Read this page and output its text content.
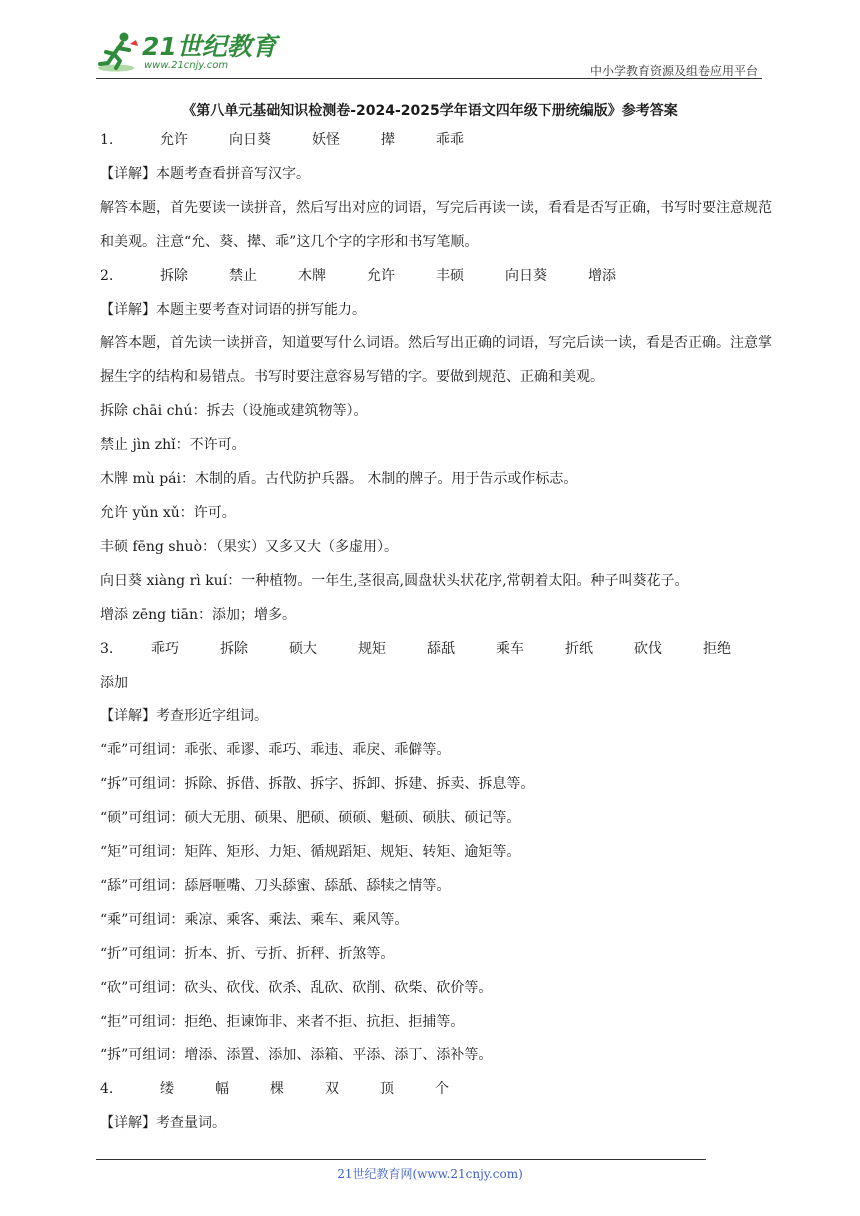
21世纪教育
www.21cnjy.com	中小学教育资源及组卷应用平台
《第八单元基础知识检测卷-2024-2025学年语文四年级下册统编版》参考答案
1.	允许	向日葵	妖怪	撵	乖乖
【详解】本题考查看拼音写汉字。
解答本题，首先要读一读拼音，然后写出对应的词语，写完后再读一读，看看是否写正确，书写时要注意规范和美观。注意“允、葵、撵、乖”这几个字的字形和书写笔顺。
2.	拆除	禁止	木牌	允许	丰硕	向日葵	增添
【详解】本题主要考查对词语的拼写能力。
解答本题，首先读一读拼音，知道要写什么词语。然后写出正确的词语，写完后读一读，看是否正确。注意掌握生字的结构和易错点。书写时要注意容易写错的字。要做到规范、正确和美观。
拆除 chāi chú：拆去（设施或建筑物等）。
禁止 jìn zhǐ：不许可。
木牌 mù pái：木制的盾。古代防护兵器。 木制的牌子。用于告示或作标志。
允许 yǔn xǔ：许可。
丰硕 fēng shuò：（果实）又多又大（多虚用）。
向日葵 xiàng rì kuí：一种植物。一年生,茎很高,圆盘状头状花序,常朝着太阳。种子叫葵花子。
增添 zēng tiān：添加；增多。
3.	乖巧	拆除	硕大	规矩	舔舐	乘车	折纸	砍伐	拒绝
添加
【详解】考查形近字组词。
“乖”可组词：乖张、乖谬、乖巧、乖违、乖戾、乖僻等。
“拆”可组词：拆除、拆借、拆散、拆字、拆卸、拆建、拆卖、拆息等。
“硕”可组词：硕大无朋、硕果、肥硕、硕硕、魁硕、硕肤、硕记等。
“矩”可组词：矩阵、矩形、力矩、循规蹈矩、规矩、转矩、逾矩等。
“舔”可组词：舔唇咂嘴、刀头舔蜜、舔舐、舔犊之情等。
“乘”可组词：乘凉、乘客、乘法、乘车、乘风等。
“折”可组词：折本、折、亏折、折秤、折煞等。
“砍”可组词：砍头、砍伐、砍杀、乱砍、砍削、砍柴、砍价等。
“拒”可组词：拒绝、拒谏饰非、来者不拒、抗拒、拒捕等。
“拆”可组词：增添、添置、添加、添箱、平添、添丁、添补等。
4.	缕	幅	棵	双	顶	个
【详解】考查量词。
21世纪教育网(www.21cnjy.com)
